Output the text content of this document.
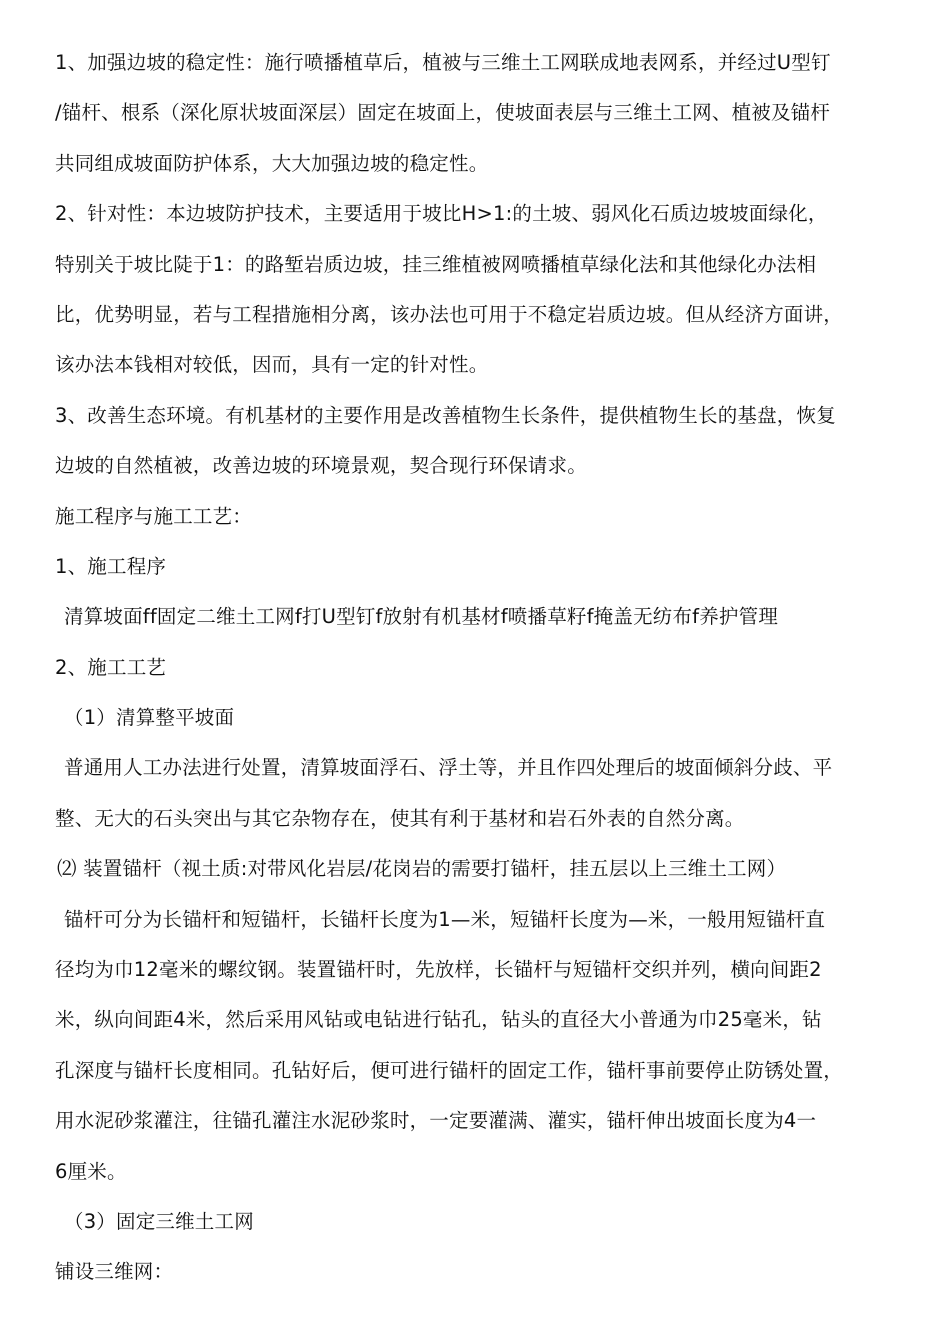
1、加强边坡的稳定性：施行喷播植草后，植被与三维土工网联成地表网系，并经过U型钉
/锚杆、根系（深化原状坡面深层）固定在坡面上，使坡面表层与三维土工网、植被及锚杆
共同组成坡面防护体系，大大加强边坡的稳定性。
2、针对性：本边坡防护技术，主要适用于坡比H>1:的土坡、弱风化石质边坡坡面绿化，
特别关于坡比陡于1：的路堑岩质边坡，挂三维植被网喷播植草绿化法和其他绿化办法相
比，优势明显，若与工程措施相分离，该办法也可用于不稳定岩质边坡。但从经济方面讲，
该办法本钱相对较低，因而，具有一定的针对性。
3、改善生态环境。有机基材的主要作用是改善植物生长条件，提供植物生长的基盘，恢复
边坡的自然植被，改善边坡的环境景观，契合现行环保请求。
施工程序与施工工艺：
1、施工程序
清算坡面ff固定二维土工网f打U型钉f放射有机基材f喷播草籽f掩盖无纺布f养护管理
2、施工工艺
（1）清算整平坡面
普通用人工办法进行处置，清算坡面浮石、浮土等，并且作四处理后的坡面倾斜分歧、平
整、无大的石头突出与其它杂物存在，使其有利于基材和岩石外表的自然分离。
⑵ 装置锚杆（视土质:对带风化岩层/花岗岩的需要打锚杆，挂五层以上三维土工网）
锚杆可分为长锚杆和短锚杆，长锚杆长度为1—米，短锚杆长度为—米，一般用短锚杆直
径均为巾12毫米的螺纹钢。装置锚杆时，先放样，长锚杆与短锚杆交织并列，横向间距2
米，纵向间距4米，然后采用风钻或电钻进行钻孔，钻头的直径大小普通为巾25毫米，钻
孔深度与锚杆长度相同。孔钻好后，便可进行锚杆的固定工作，锚杆事前要停止防锈处置，
用水泥砂浆灌注，往锚孔灌注水泥砂浆时，一定要灌满、灌实，锚杆伸出坡面长度为4一
6厘米。
（3）固定三维土工网
铺设三维网：
